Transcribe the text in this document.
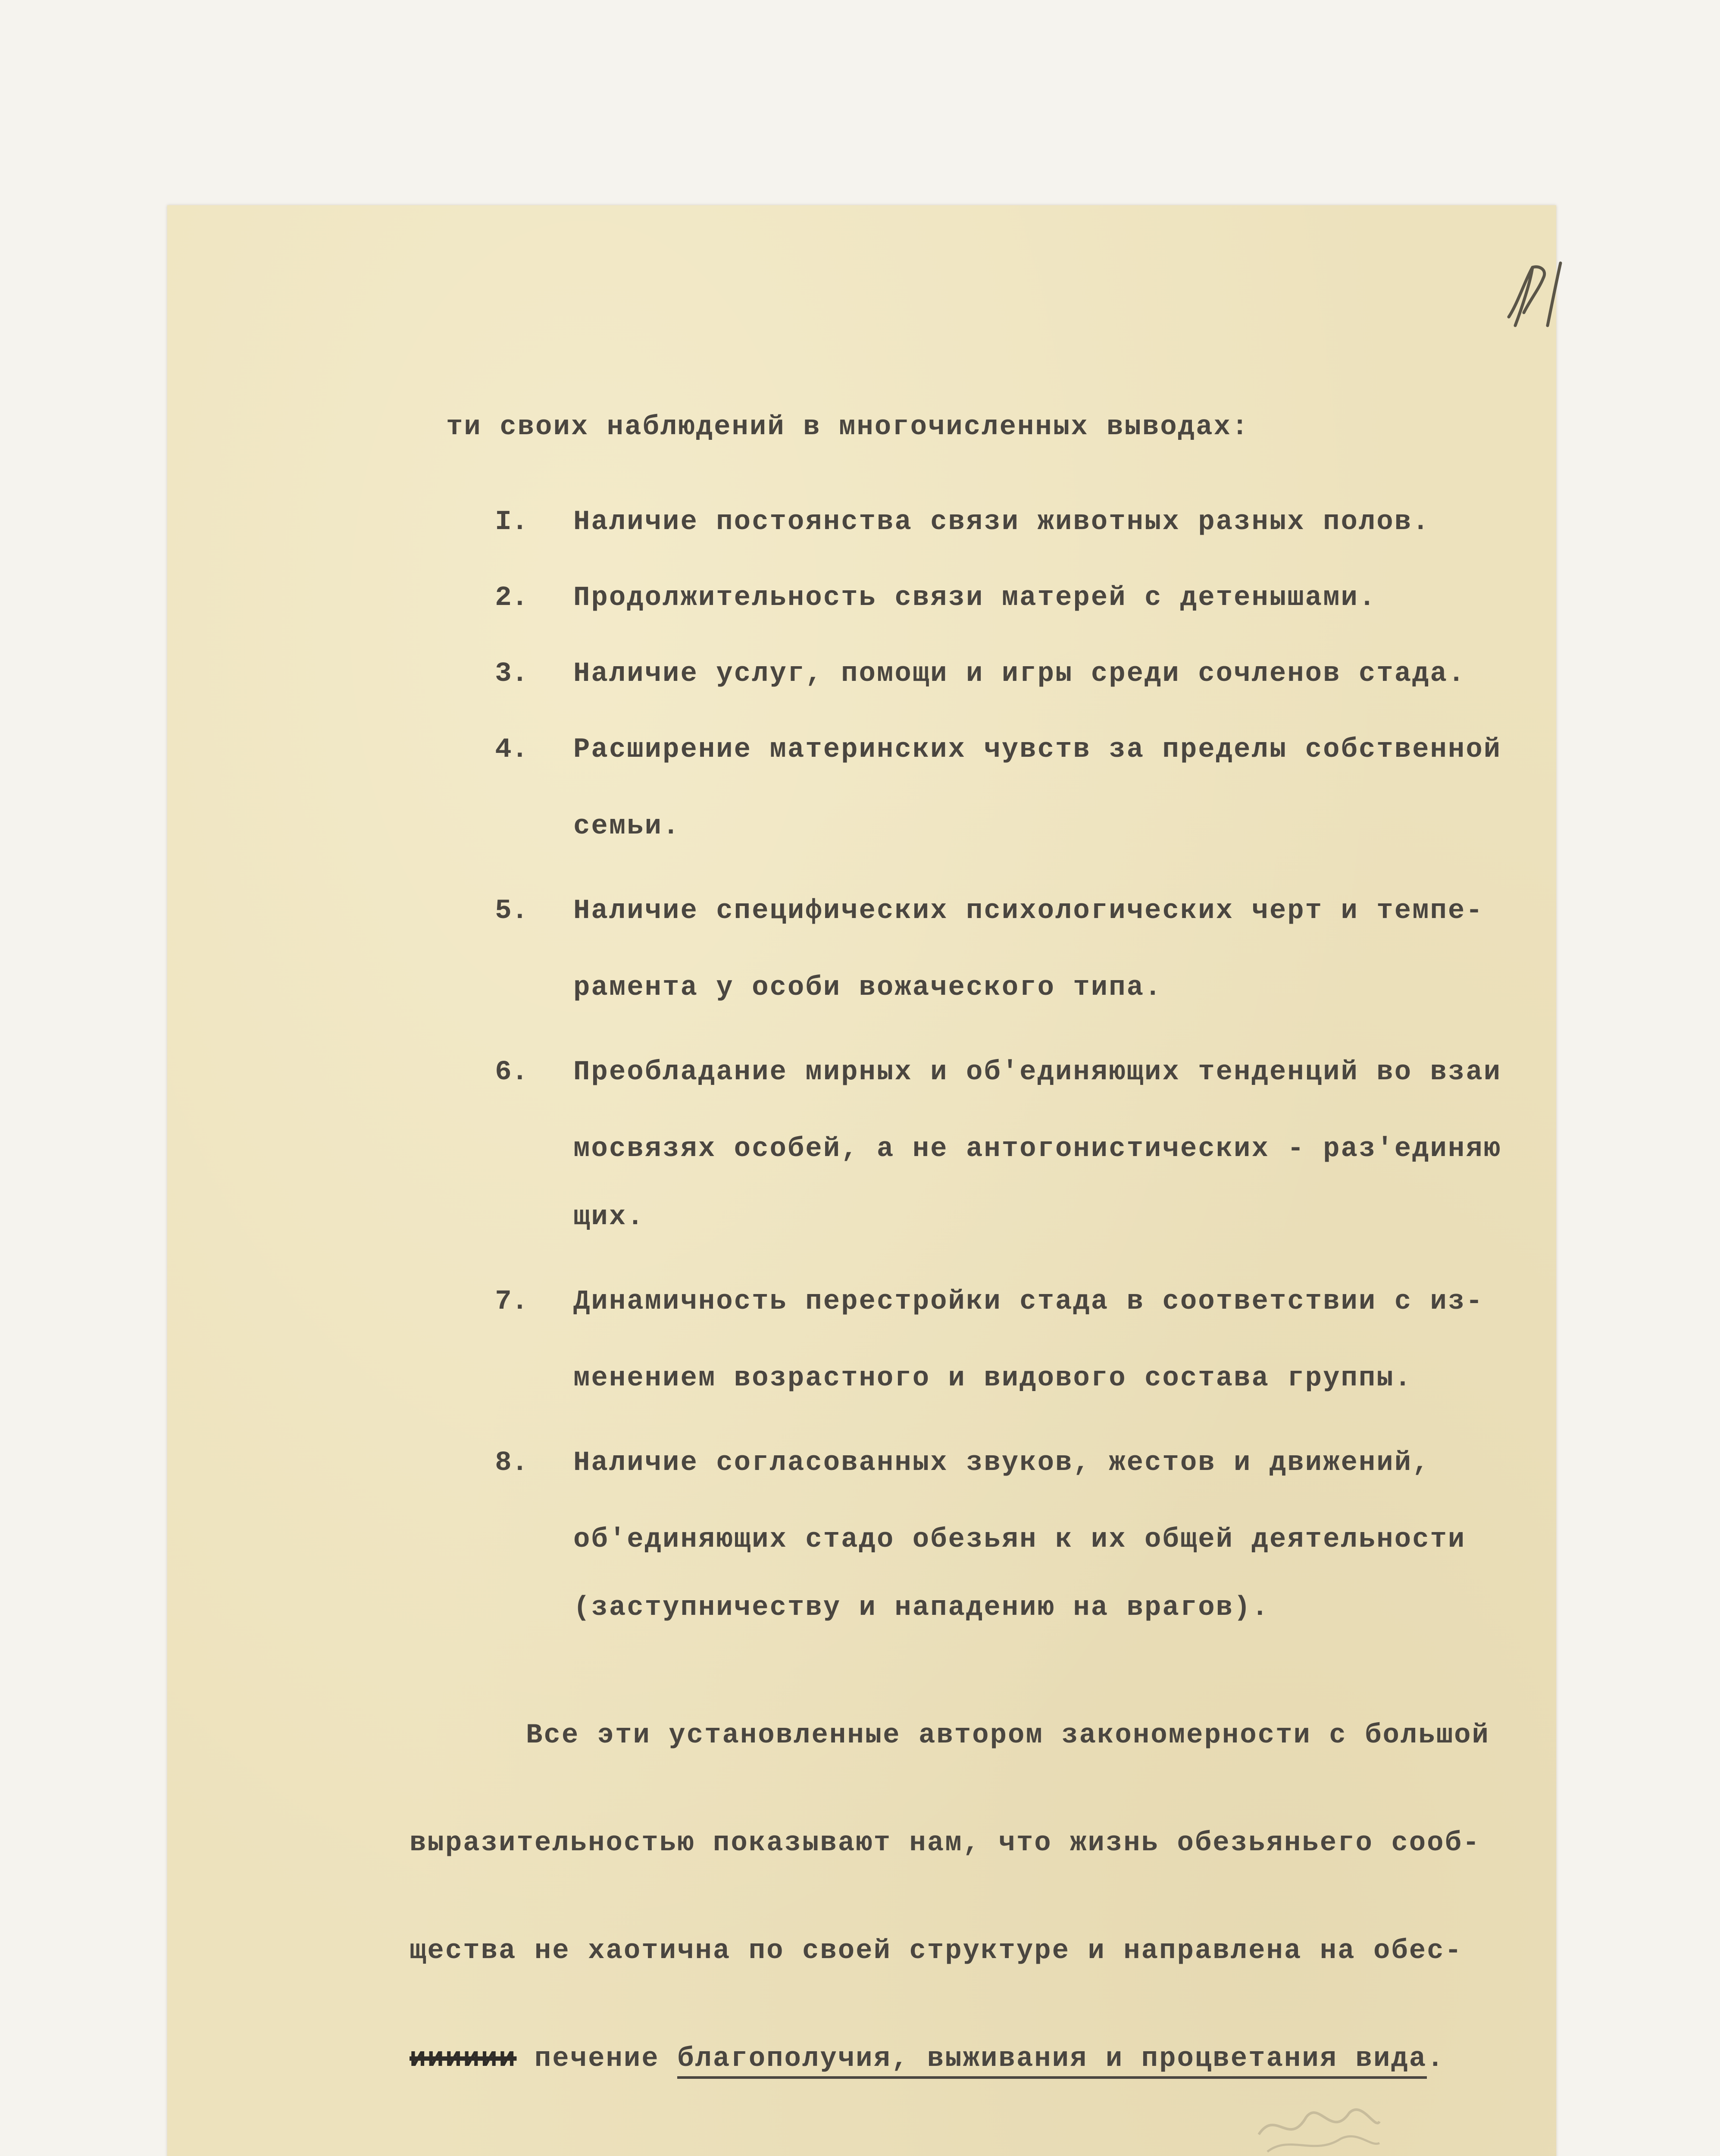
ти своих наблюдений в многочисленных выводах:
I. Наличие постоянства связи животных разных полов.
2. Продолжительность связи матерей с детенышами.
3. Наличие услуг, помощи и игры среди сочленов стада.
4. Расширение материнских чувств за пределы собственной
семьи.
5. Наличие специфических психологических черт и темпе-
рамента у особи вожаческого типа.
6. Преобладание мирных и об'единяющих тенденций во взаи
мосвязях особей, а не антогонистических - раз'единяю
щих.
7. Динамичность перестройки стада в соответствии с из-
менением возрастного и видового состава группы.
8. Наличие согласованных звуков, жестов и движений,
об'единяющих стадо обезьян к их общей деятельности
(заступничеству и нападению на врагов).
Все эти установленные автором закономерности с большой
выразительностью показывают нам, что жизнь обезьяньего сооб-
щества не хаотична по своей структуре и направлена на обес-
ииииии печение благополучия, выживания и процветания вида.
